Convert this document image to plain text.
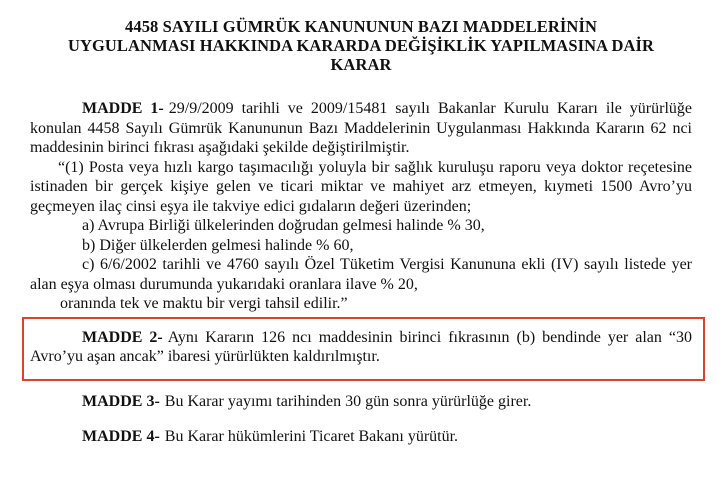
4458 SAYILI GÜMRÜK KANUNUNUN BAZI MADDELERİNİN
UYGULANMASI HAKKINDA KARARDA DEĞİŞİKLİK YAPILMASINA DAİR
KARAR

MADDE 1- 29/9/2009 tarihli ve 2009/15481 sayılı Bakanlar Kurulu Kararı ile yürürlüğe konulan 4458 Sayılı Gümrük Kanununun Bazı Maddelerinin Uygulanması Hakkında Kararın 62 nci maddesinin birinci fıkrası aşağıdaki şekilde değiştirilmiştir.

“(1) Posta veya hızlı kargo taşımacılığı yoluyla bir sağlık kuruluşu raporu veya doktor reçetesine istinaden bir gerçek kişiye gelen ve ticari miktar ve mahiyet arz etmeyen, kıymeti 1500 Avro’yu geçmeyen ilaç cinsi eşya ile takviye edici gıdaların değeri üzerinden;

a) Avrupa Birliği ülkelerinden doğrudan gelmesi halinde % 30,

b) Diğer ülkelerden gelmesi halinde % 60,

c) 6/6/2002 tarihli ve 4760 sayılı Özel Tüketim Vergisi Kanununa ekli (IV) sayılı listede yer alan eşya olması durumunda yukarıdaki oranlara ilave % 20,

oranında tek ve maktu bir vergi tahsil edilir.”

MADDE 2- Aynı Kararın 126 ncı maddesinin birinci fıkrasının (b) bendinde yer alan “30 Avro’yu aşan ancak” ibaresi yürürlükten kaldırılmıştır.

MADDE 3- Bu Karar yayımı tarihinden 30 gün sonra yürürlüğe girer.

MADDE 4- Bu Karar hükümlerini Ticaret Bakanı yürütür.
